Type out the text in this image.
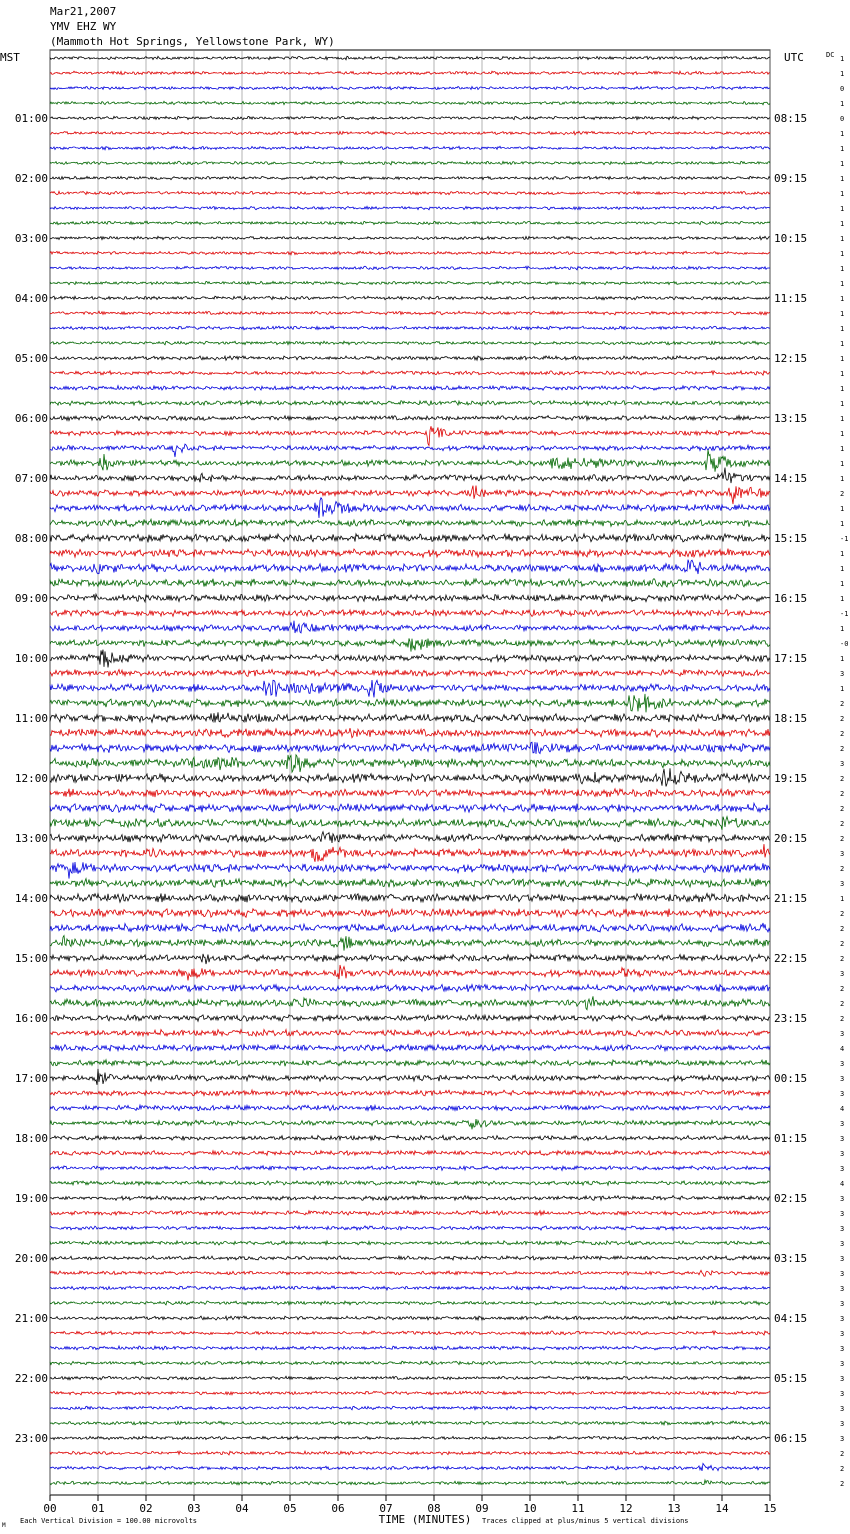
Mar21,2007
YMV EHZ WY
(Mammoth Hot Springs, Yellowstone Park, WY)
MST	UTC	DC
00	01	02	03	04	05	06	07	08	09	10	11	12	13	14	15
01:00	08:15
02:00	09:15
03:00	10:15
04:00	11:15
05:00	12:15
06:00	13:15
07:00	14:15
08:00	15:15
09:00	16:15
10:00	17:15
11:00	18:15
12:00	19:15
13:00	20:15
14:00	21:15
15:00	22:15
16:00	23:15
17:00	00:15
18:00	01:15
19:00	02:15
20:00	03:15
21:00	04:15
22:00	05:15
23:00	06:15
1
1
0
1
0
1
1
1
1
1
1
1
1
1
1
1
1
1
1
1
1
1
1
1
1
1
1
1
1
2
1
1
-1
1
1
1
1
-1
1
-0
1
3
1
2
2
2
2
3
2
2
2
2
2
3
2
3
1
2
2
2
2
3
2
2
2
3
4
3
3
3
4
3
3
3
3
4
3
3
3
3
3
3
3
3
3
3
3
3
3
3
3
3
3
2
2
2
TIME (MINUTES)
Each Vertical Division = 100.00 microvolts	Traces clipped at plus/minus 5 vertical divisions
M
